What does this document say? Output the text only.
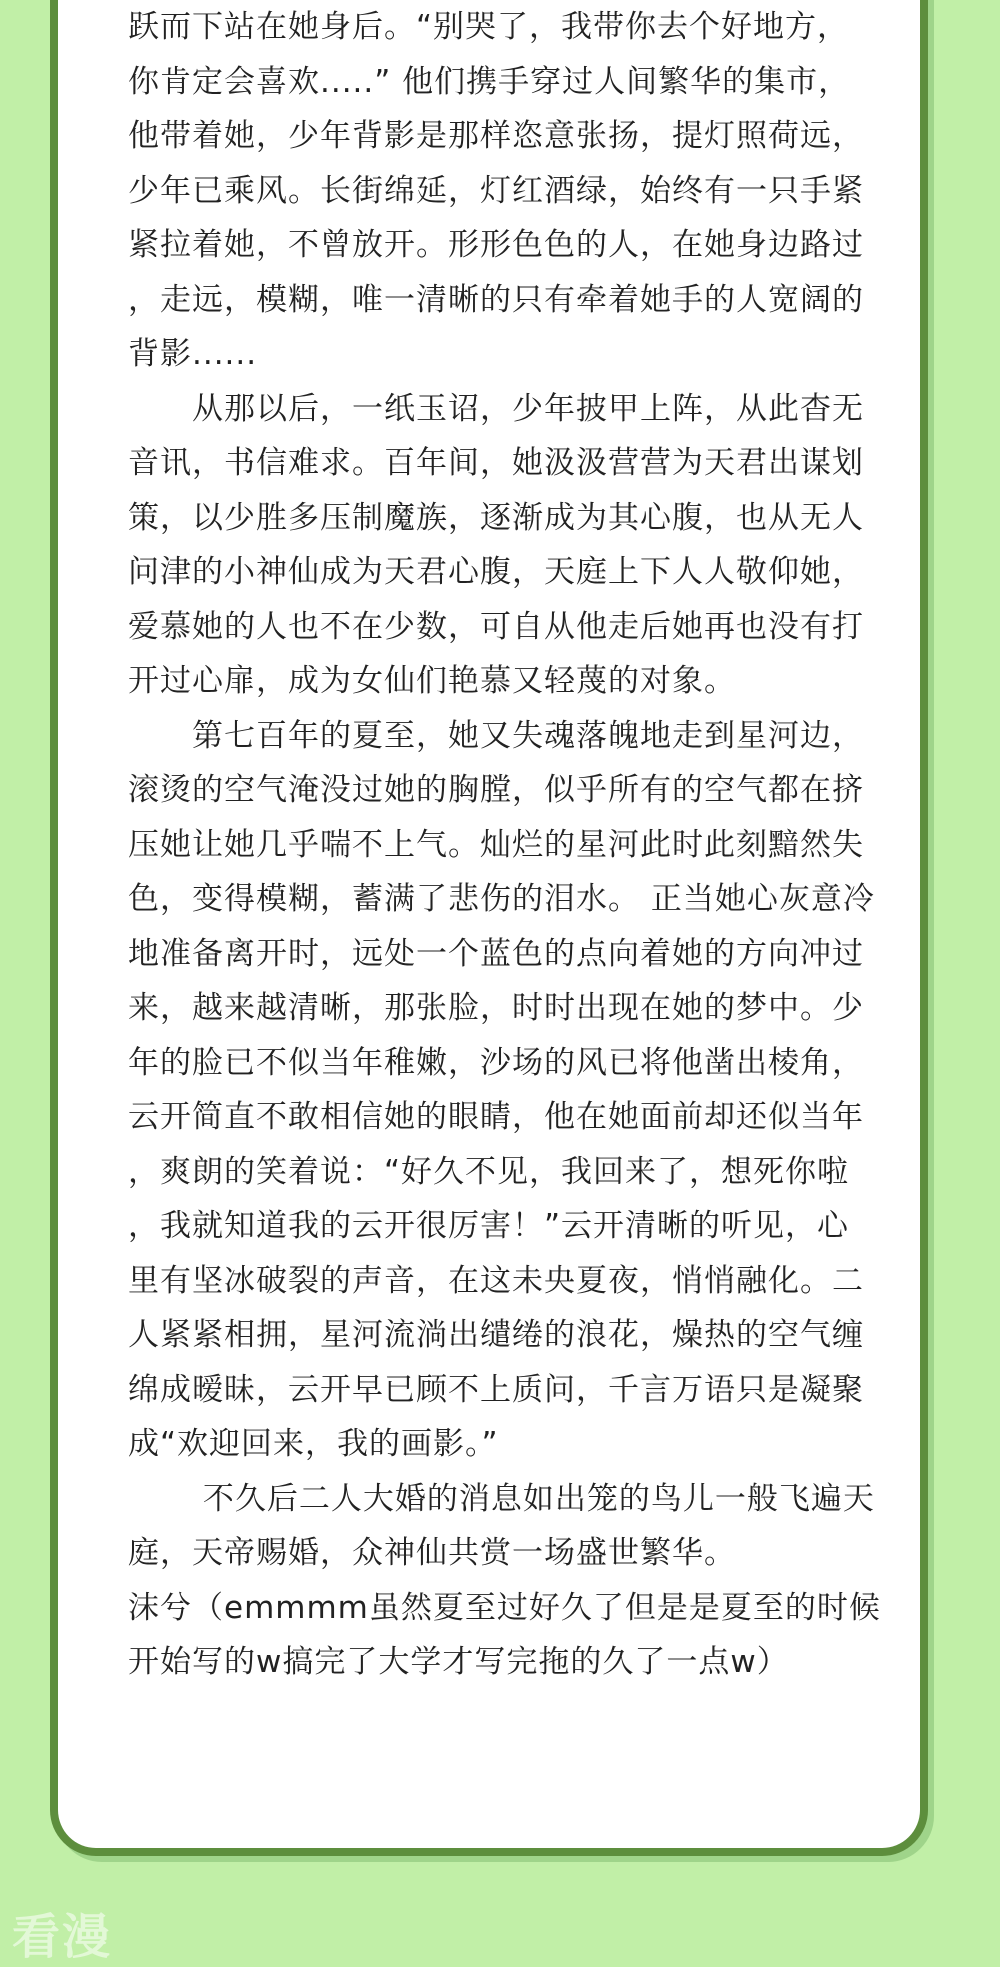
跃而下站在她身后。“别哭了，我带你去个好地方，
你肯定会喜欢.....” 他们携手穿过人间繁华的集市，
他带着她，少年背影是那样恣意张扬，提灯照荷远，
少年已乘风。长街绵延，灯红酒绿，始终有一只手紧
紧拉着她，不曾放开。形形色色的人，在她身边路过
，走远，模糊，唯一清晰的只有牵着她手的人宽阔的
背影......

　　从那以后，一纸玉诏，少年披甲上阵，从此杳无
音讯，书信难求。百年间，她汲汲营营为天君出谋划
策，以少胜多压制魔族，逐渐成为其心腹，也从无人
问津的小神仙成为天君心腹，天庭上下人人敬仰她，
爱慕她的人也不在少数，可自从他走后她再也没有打
开过心扉，成为女仙们艳慕又轻蔑的对象。

　　第七百年的夏至，她又失魂落魄地走到星河边，
滚烫的空气淹没过她的胸膛，似乎所有的空气都在挤
压她让她几乎喘不上气。灿烂的星河此时此刻黯然失
色，变得模糊，蓄满了悲伤的泪水。 正当她心灰意冷
地准备离开时，远处一个蓝色的点向着她的方向冲过
来，越来越清晰，那张脸，时时出现在她的梦中。少
年的脸已不似当年稚嫩，沙场的风已将他凿出棱角，
云开简直不敢相信她的眼睛，他在她面前却还似当年
，爽朗的笑着说：“好久不见，我回来了，想死你啦
，我就知道我的云开很厉害！”云开清晰的听见，心
里有坚冰破裂的声音，在这未央夏夜，悄悄融化。二
人紧紧相拥，星河流淌出缱绻的浪花，燥热的空气缠
绵成暧昧，云开早已顾不上质问，千言万语只是凝聚
成“欢迎回来，我的画影。”

　　 不久后二人大婚的消息如出笼的鸟儿一般飞遍天
庭，天帝赐婚，众神仙共赏一场盛世繁华。

沫兮（emmmm虽然夏至过好久了但是是夏至的时候
开始写的w搞完了大学才写完拖的久了一点w）

看漫
